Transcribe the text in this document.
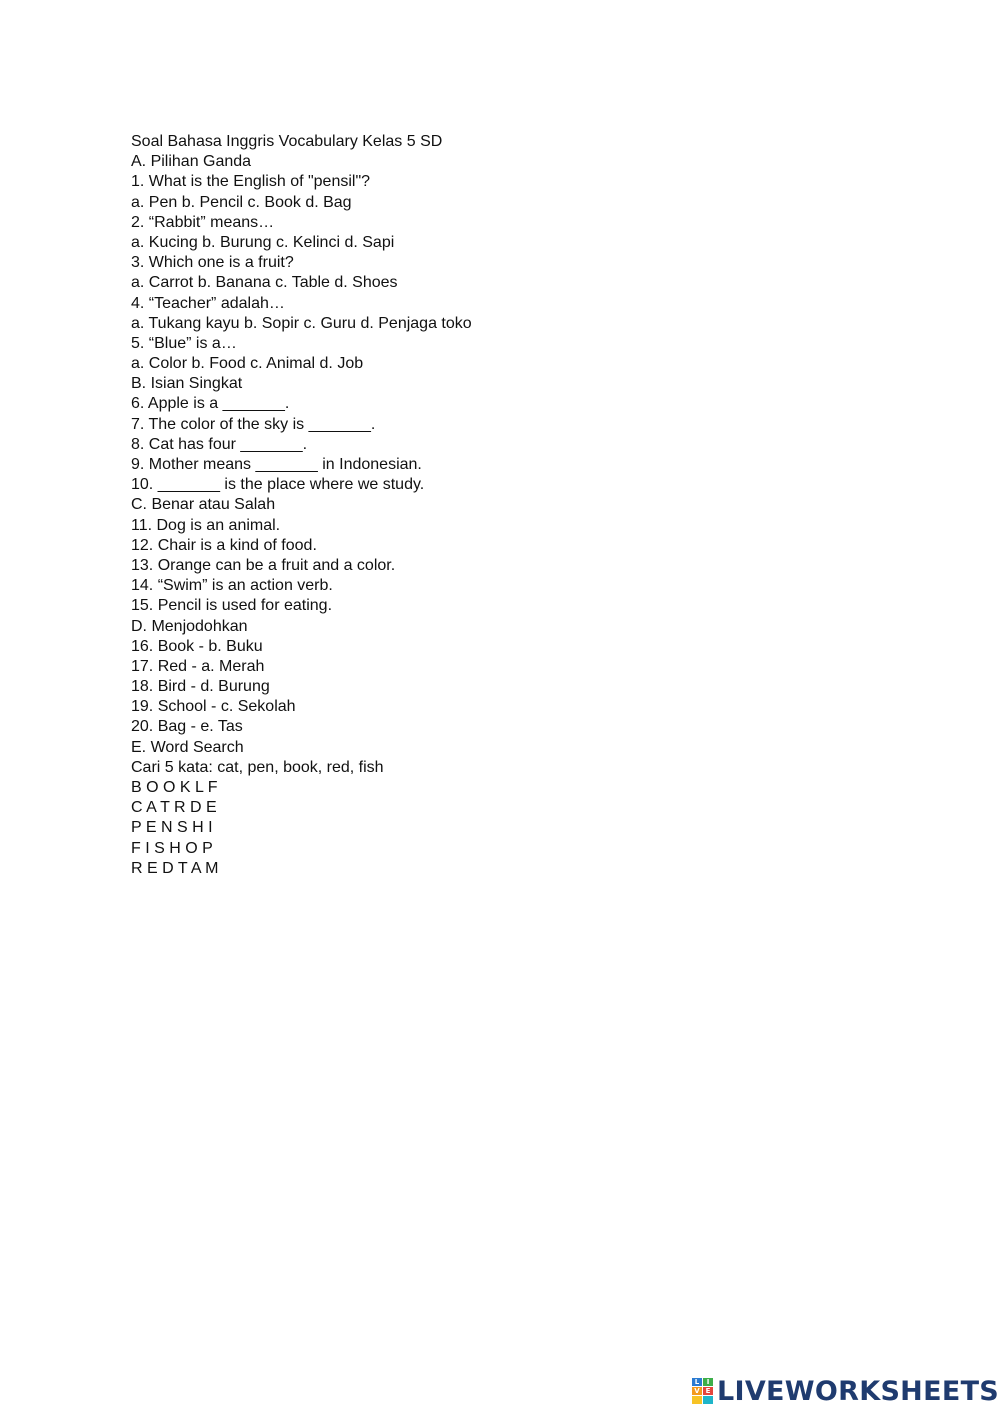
Soal Bahasa Inggris Vocabulary Kelas 5 SD
A. Pilihan Ganda
1. What is the English of "pensil"?
a. Pen b. Pencil c. Book d. Bag
2. “Rabbit” means…
a. Kucing b. Burung c. Kelinci d. Sapi
3. Which one is a fruit?
a. Carrot b. Banana c. Table d. Shoes
4. “Teacher” adalah…
a. Tukang kayu b. Sopir c. Guru d. Penjaga toko
5. “Blue” is a…
a. Color b. Food c. Animal d. Job
B. Isian Singkat
6. Apple is a _______.
7. The color of the sky is _______.
8. Cat has four _______.
9. Mother means _______ in Indonesian.
10. _______ is the place where we study.
C. Benar atau Salah
11. Dog is an animal.
12. Chair is a kind of food.
13. Orange can be a fruit and a color.
14. “Swim” is an action verb.
15. Pencil is used for eating.
D. Menjodohkan
16. Book - b. Buku
17. Red - a. Merah
18. Bird - d. Burung
19. School - c. Sekolah
20. Bag - e. Tas
E. Word Search
Cari 5 kata: cat, pen, book, red, fish
B O O K L F
C A T R D E
P E N S H I
F I S H O P
R E D T A M
L	I
V E LIVEWORKSHEETS
